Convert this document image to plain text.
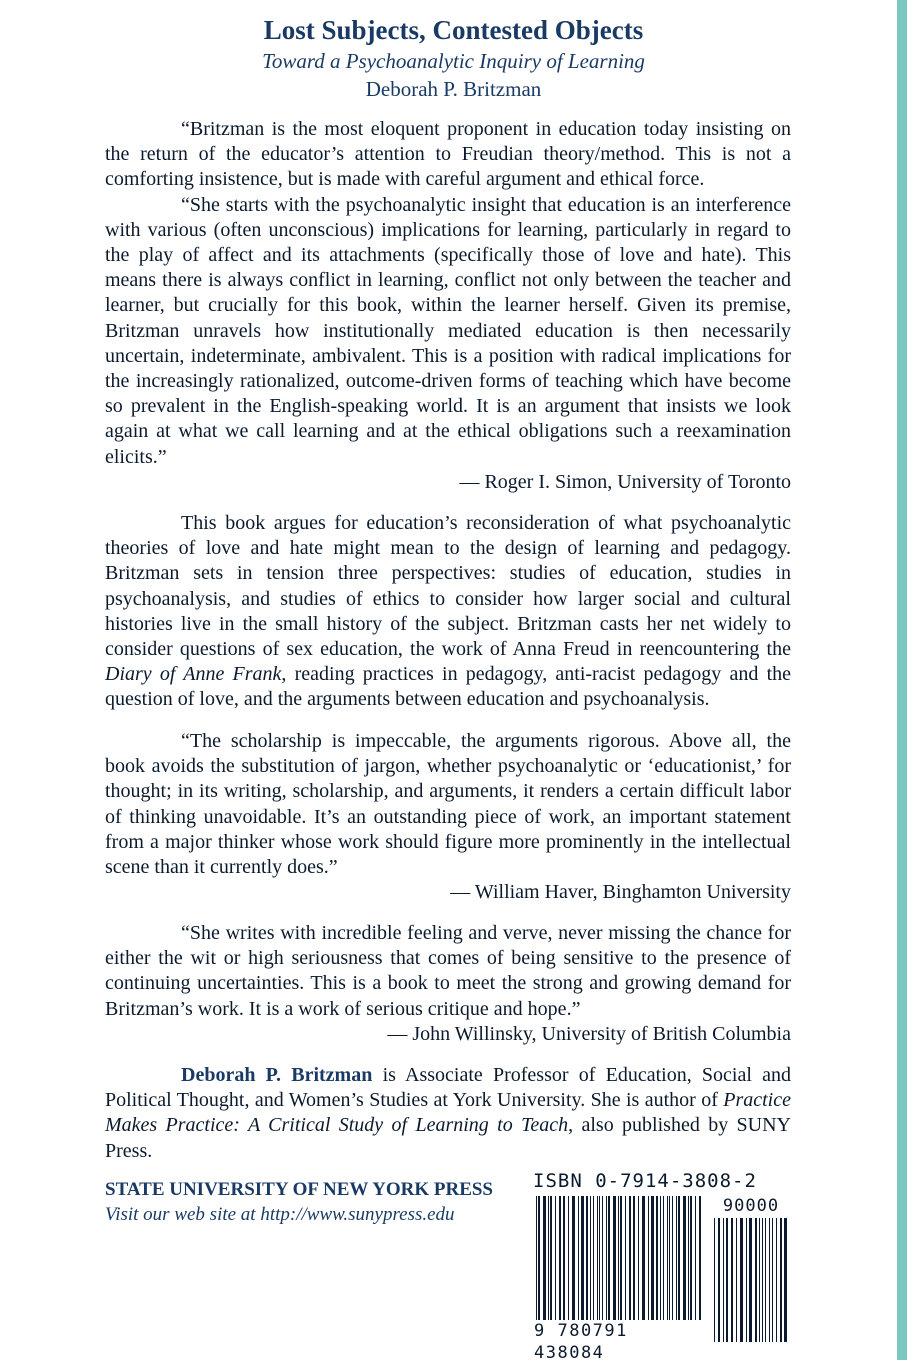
Lost Subjects, Contested Objects
Toward a Psychoanalytic Inquiry of Learning
Deborah P. Britzman

“Britzman is the most eloquent proponent in education today insisting on the return of the educator’s attention to Freudian theory/method. This is not a comforting insistence, but is made with careful argument and ethical force.

“She starts with the psychoanalytic insight that education is an interference with various (often unconscious) implications for learning, particularly in regard to the play of affect and its attachments (specifically those of love and hate). This means there is always conflict in learning, conflict not only between the teacher and learner, but crucially for this book, within the learner herself. Given its premise, Britzman unravels how institutionally mediated education is then necessarily uncertain, indeterminate, ambivalent. This is a position with radical implications for the increasingly rationalized, outcome-driven forms of teaching which have become so prevalent in the English-speaking world. It is an argument that insists we look again at what we call learning and at the ethical obligations such a reexamination elicits.”

— Roger I. Simon, University of Toronto

This book argues for education’s reconsideration of what psychoanalytic theories of love and hate might mean to the design of learning and pedagogy. Britzman sets in tension three perspectives: studies of education, studies in psychoanalysis, and studies of ethics to consider how larger social and cultural histories live in the small history of the subject. Britzman casts her net widely to consider questions of sex education, the work of Anna Freud in reencountering the Diary of Anne Frank, reading practices in pedagogy, anti-racist pedagogy and the question of love, and the arguments between education and psychoanalysis.

“The scholarship is impeccable, the arguments rigorous. Above all, the book avoids the substitution of jargon, whether psychoanalytic or ‘educationist,’ for thought; in its writing, scholarship, and arguments, it renders a certain difficult labor of thinking unavoidable. It’s an outstanding piece of work, an important statement from a major thinker whose work should figure more prominently in the intellectual scene than it currently does.”

— William Haver, Binghamton University

“She writes with incredible feeling and verve, never missing the chance for either the wit or high seriousness that comes of being sensitive to the presence of continuing uncertainties. This is a book to meet the strong and growing demand for Britzman’s work. It is a work of serious critique and hope.”

— John Willinsky, University of British Columbia

Deborah P. Britzman is Associate Professor of Education, Social and Political Thought, and Women’s Studies at York University. She is author of Practice Makes Practice: A Critical Study of Learning to Teach, also published by SUNY Press.

STATE UNIVERSITY OF NEW YORK PRESS
Visit our web site at http://www.sunypress.edu
ISBN 0-7914-3808-2
90000
9 780791 438084
